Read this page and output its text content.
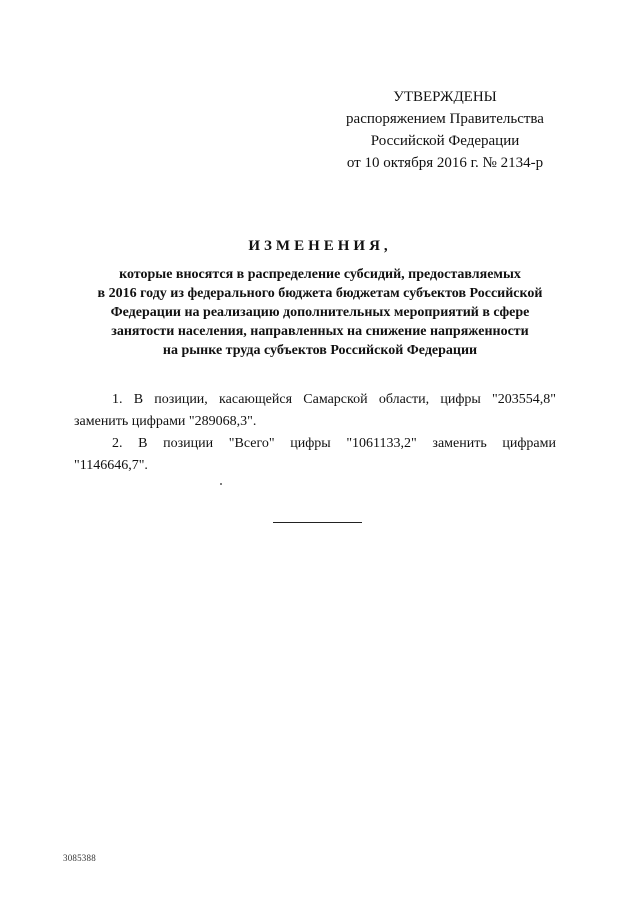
УТВЕРЖДЕНЫ
распоряжением Правительства
Российской Федерации
от 10 октября 2016 г. № 2134-р
ИЗМЕНЕНИЯ,
которые вносятся в распределение субсидий, предоставляемых
в 2016 году из федерального бюджета бюджетам субъектов Российской
Федерации на реализацию дополнительных мероприятий в сфере
занятости населения, направленных на снижение напряженности
на рынке труда субъектов Российской Федерации
1. В позиции, касающейся Самарской области, цифры "203554,8"
заменить цифрами "289068,3".
2. В позиции "Всего" цифры "1061133,2" заменить цифрами
"1146646,7".
3085388
